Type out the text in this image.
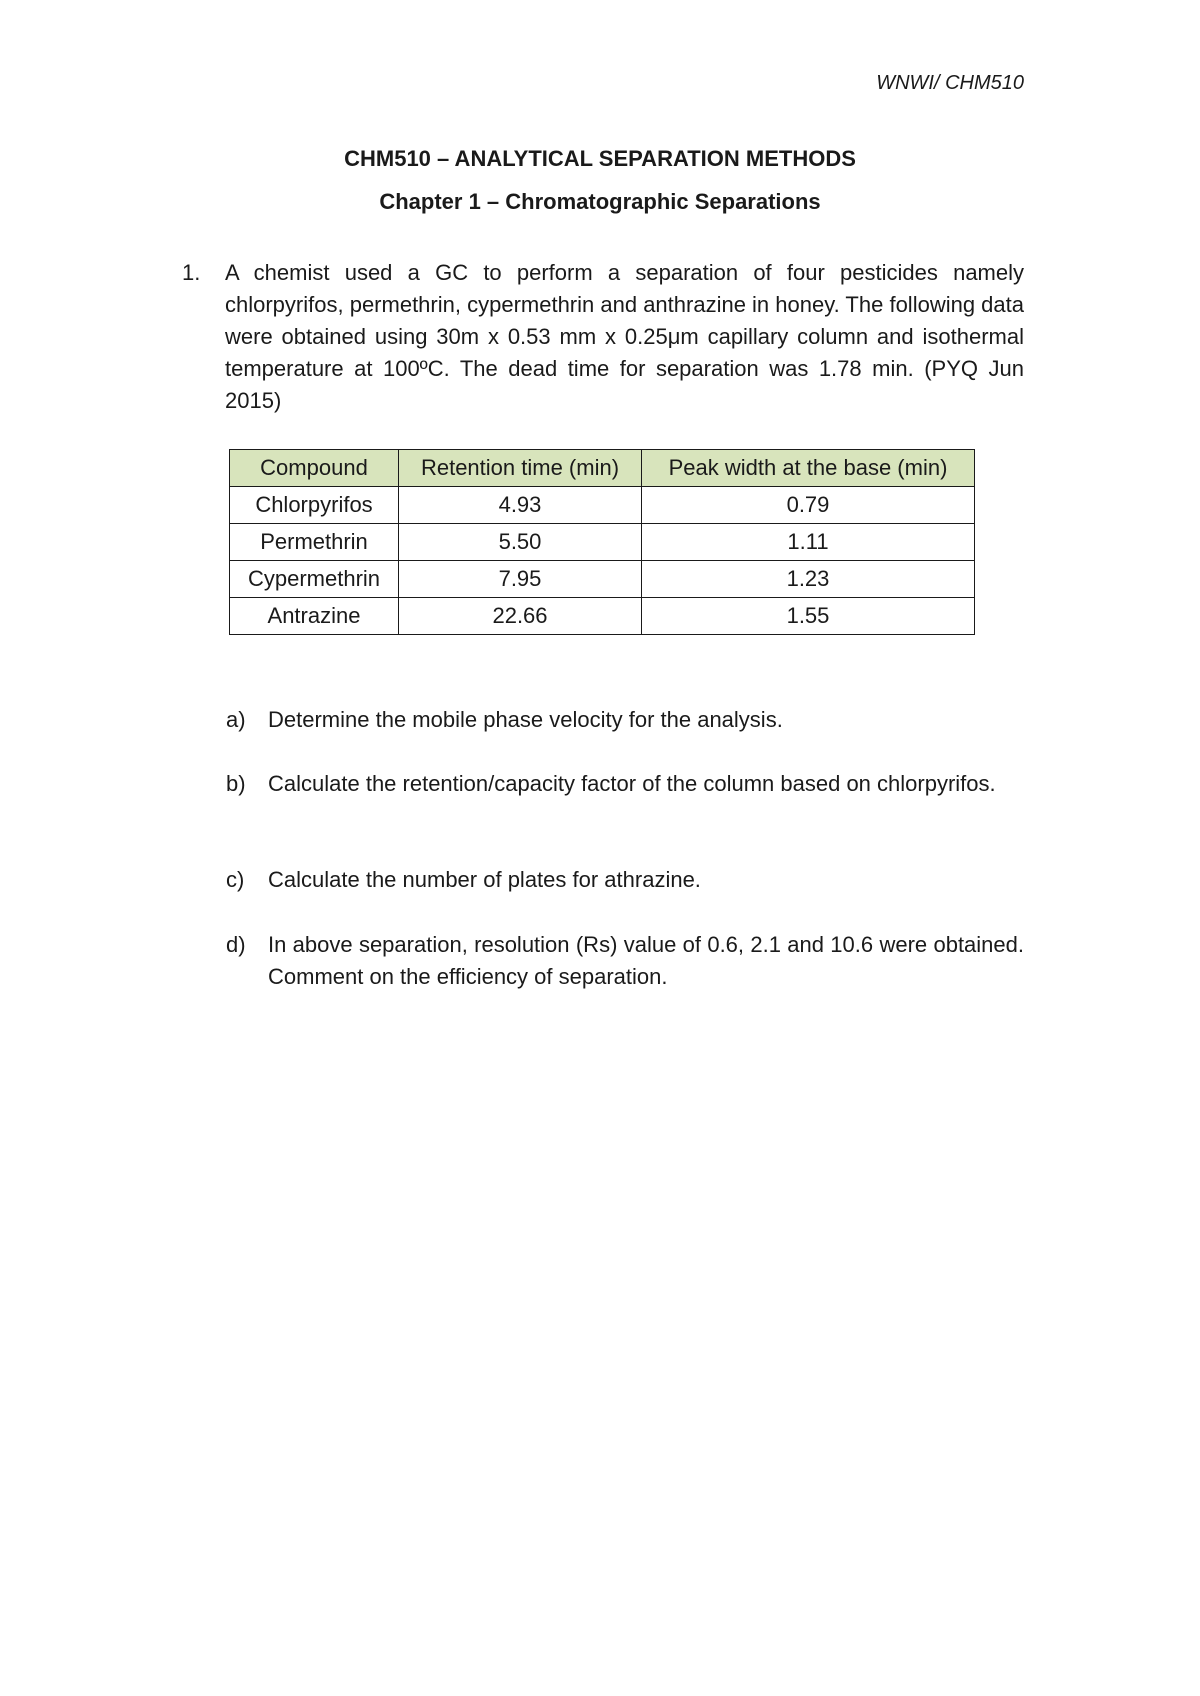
WNWI/ CHM510
CHM510 – ANALYTICAL SEPARATION METHODS
Chapter 1 – Chromatographic Separations
1. A chemist used a GC to perform a separation of four pesticides namely chlorpyrifos, permethrin, cypermethrin and anthrazine in honey. The following data were obtained using 30m x 0.53 mm x 0.25μm capillary column and isothermal temperature at 100ºC. The dead time for separation was 1.78 min. (PYQ Jun 2015)
Compound	Retention time (min)	Peak width at the base (min)
Chlorpyrifos	4.93	0.79
Permethrin	5.50	1.11
Cypermethrin	7.95	1.23
Antrazine	22.66	1.55
a) Determine the mobile phase velocity for the analysis.
b) Calculate the retention/capacity factor of the column based on chlorpyrifos.
c) Calculate the number of plates for athrazine.
d) In above separation, resolution (Rs) value of 0.6, 2.1 and 10.6 were obtained. Comment on the efficiency of separation.
